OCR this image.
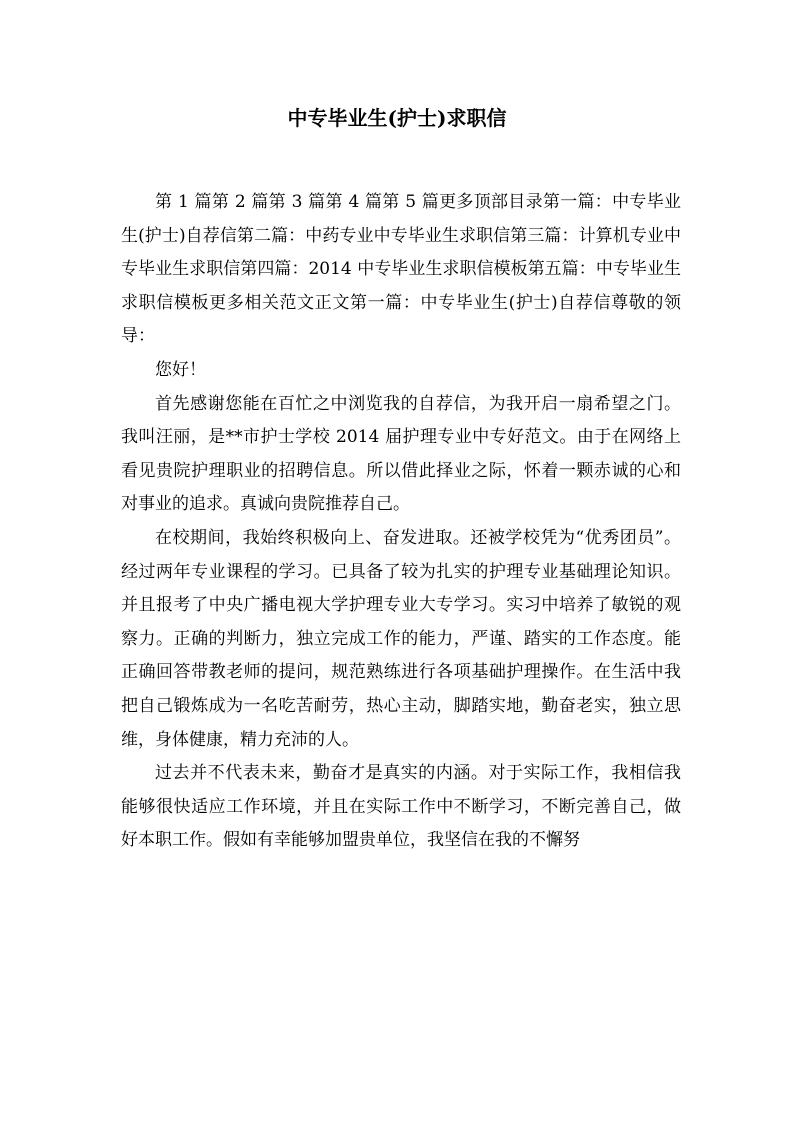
中专毕业生(护士)求职信

第 1 篇第 2 篇第 3 篇第 4 篇第 5 篇更多顶部目录第一篇：中专毕业生(护士)自荐信第二篇：中药专业中专毕业生求职信第三篇：计算机专业中专毕业生求职信第四篇：2014 中专毕业生求职信模板第五篇：中专毕业生求职信模板更多相关范文正文第一篇：中专毕业生(护士)自荐信尊敬的领导：

您好！

首先感谢您能在百忙之中浏览我的自荐信，为我开启一扇希望之门。我叫汪丽，是**市护士学校 2014 届护理专业中专好范文。由于在网络上看见贵院护理职业的招聘信息。所以借此择业之际，怀着一颗赤诚的心和对事业的追求。真诚向贵院推荐自己。

在校期间，我始终积极向上、奋发进取。还被学校凭为“优秀团员”。经过两年专业课程的学习。已具备了较为扎实的护理专业基础理论知识。并且报考了中央广播电视大学护理专业大专学习。实习中培养了敏锐的观察力。正确的判断力，独立完成工作的能力，严谨、踏实的工作态度。能正确回答带教老师的提问，规范熟练进行各项基础护理操作。在生活中我把自己锻炼成为一名吃苦耐劳，热心主动，脚踏实地，勤奋老实，独立思维，身体健康，精力充沛的人。

过去并不代表未来，勤奋才是真实的内涵。对于实际工作，我相信我能够很快适应工作环境，并且在实际工作中不断学习，不断完善自己，做好本职工作。假如有幸能够加盟贵单位，我坚信在我的不懈努
